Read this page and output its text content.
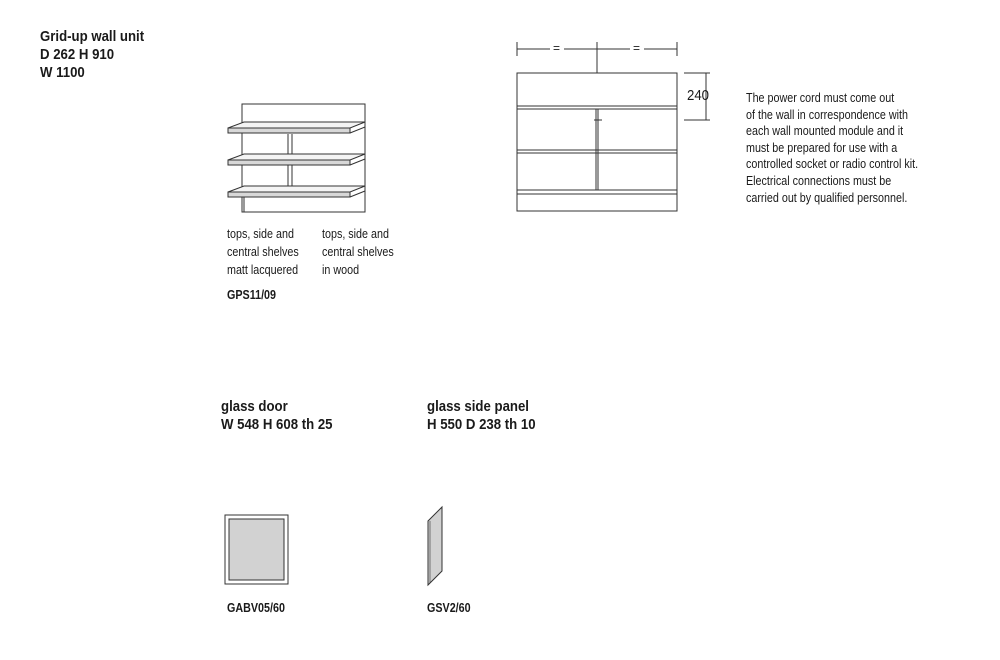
Grid-up wall unit
D 262 H 910
W 1100
tops, side and
central shelves
matt lacquered
tops, side and
central shelves
in wood
GPS11/09
=	=
240	The power cord must come out
of the wall in correspondence with
each wall mounted module and it
must be prepared for use with a
controlled socket or radio control kit.
Electrical connections must be
carried out by qualified personnel.
glass door
W 548 H 608 th 25
GABV05/60
glass side panel
H 550 D 238 th 10
GSV2/60
